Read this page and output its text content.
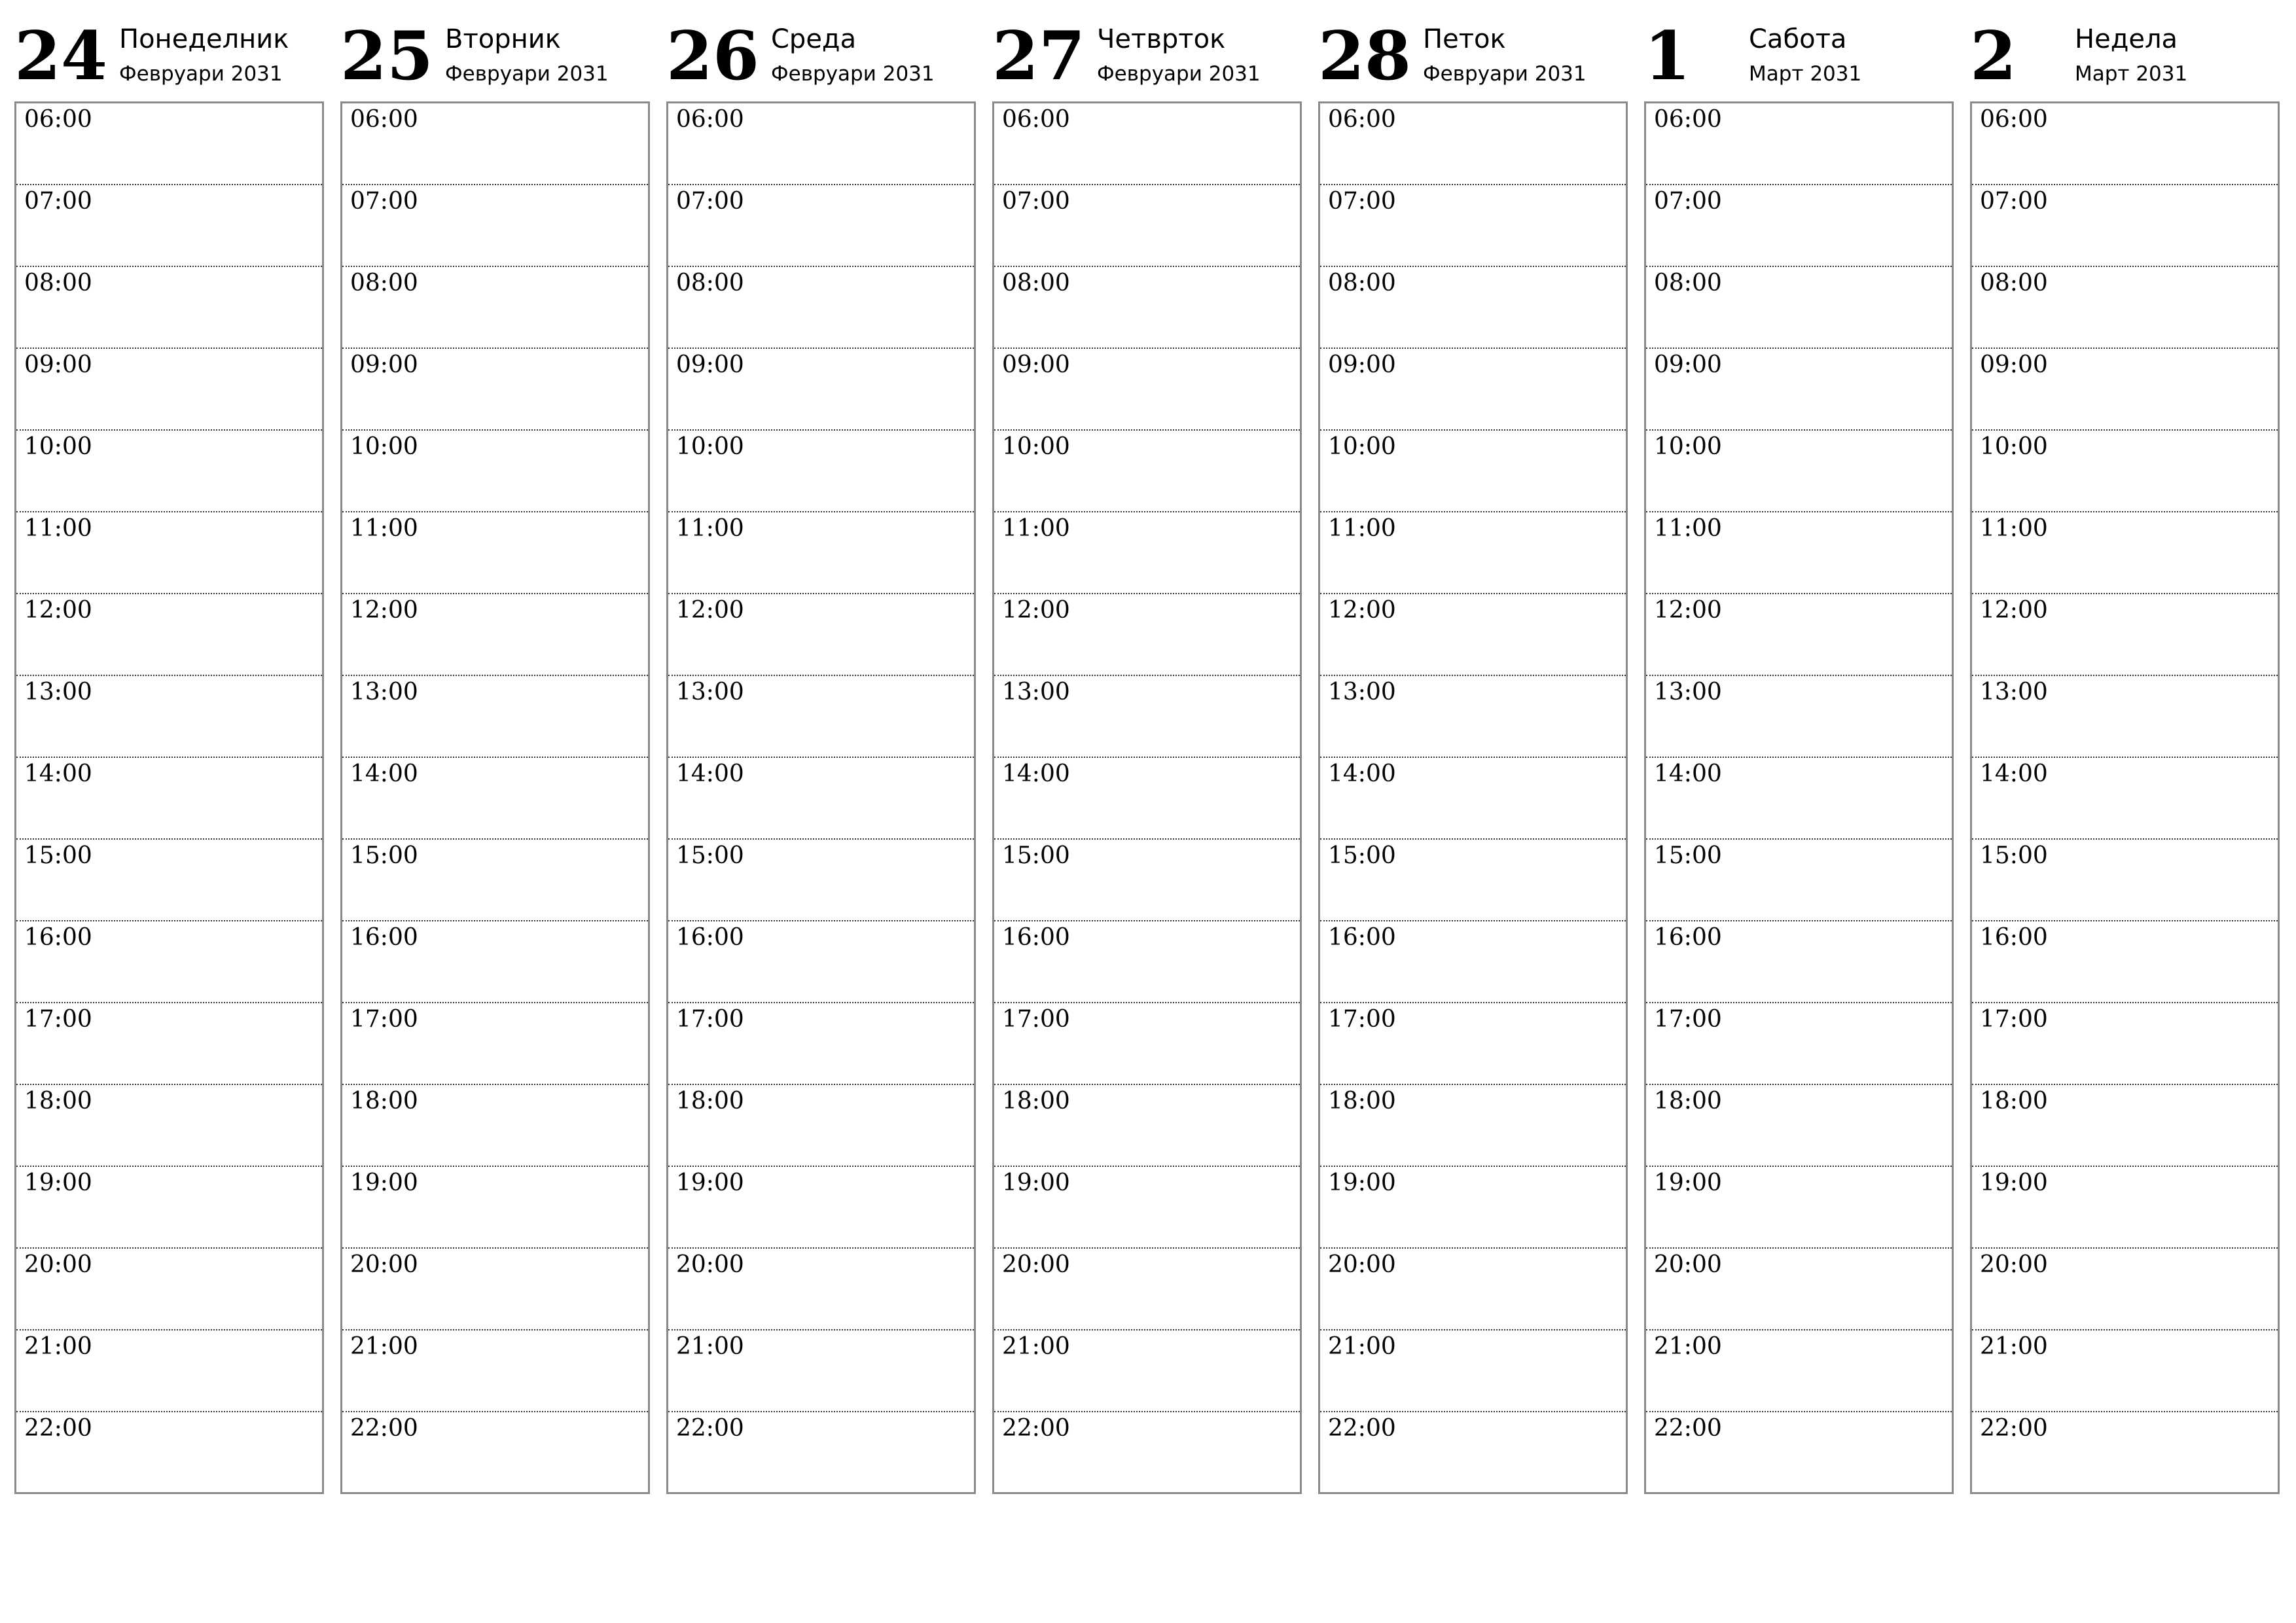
24 Понеделник
Февруари 2031
06:00
07:00
08:00
09:00
10:00
11:00
12:00
13:00
14:00
15:00
16:00
17:00
18:00
19:00
20:00
21:00
22:00
25 Вторник
Февруари 2031
06:00
07:00
08:00
09:00
10:00
11:00
12:00
13:00
14:00
15:00
16:00
17:00
18:00
19:00
20:00
21:00
22:00
26 Среда
Февруари 2031
06:00
07:00
08:00
09:00
10:00
11:00
12:00
13:00
14:00
15:00
16:00
17:00
18:00
19:00
20:00
21:00
22:00
27 Четврток
Февруари 2031
06:00
07:00
08:00
09:00
10:00
11:00
12:00
13:00
14:00
15:00
16:00
17:00
18:00
19:00
20:00
21:00
22:00
28 Петок
Февруари 2031
06:00
07:00
08:00
09:00
10:00
11:00
12:00
13:00
14:00
15:00
16:00
17:00
18:00
19:00
20:00
21:00
22:00
1 Сабота
Март 2031
06:00
07:00
08:00
09:00
10:00
11:00
12:00
13:00
14:00
15:00
16:00
17:00
18:00
19:00
20:00
21:00
22:00
2 Недела
Март 2031
06:00
07:00
08:00
09:00
10:00
11:00
12:00
13:00
14:00
15:00
16:00
17:00
18:00
19:00
20:00
21:00
22:00
